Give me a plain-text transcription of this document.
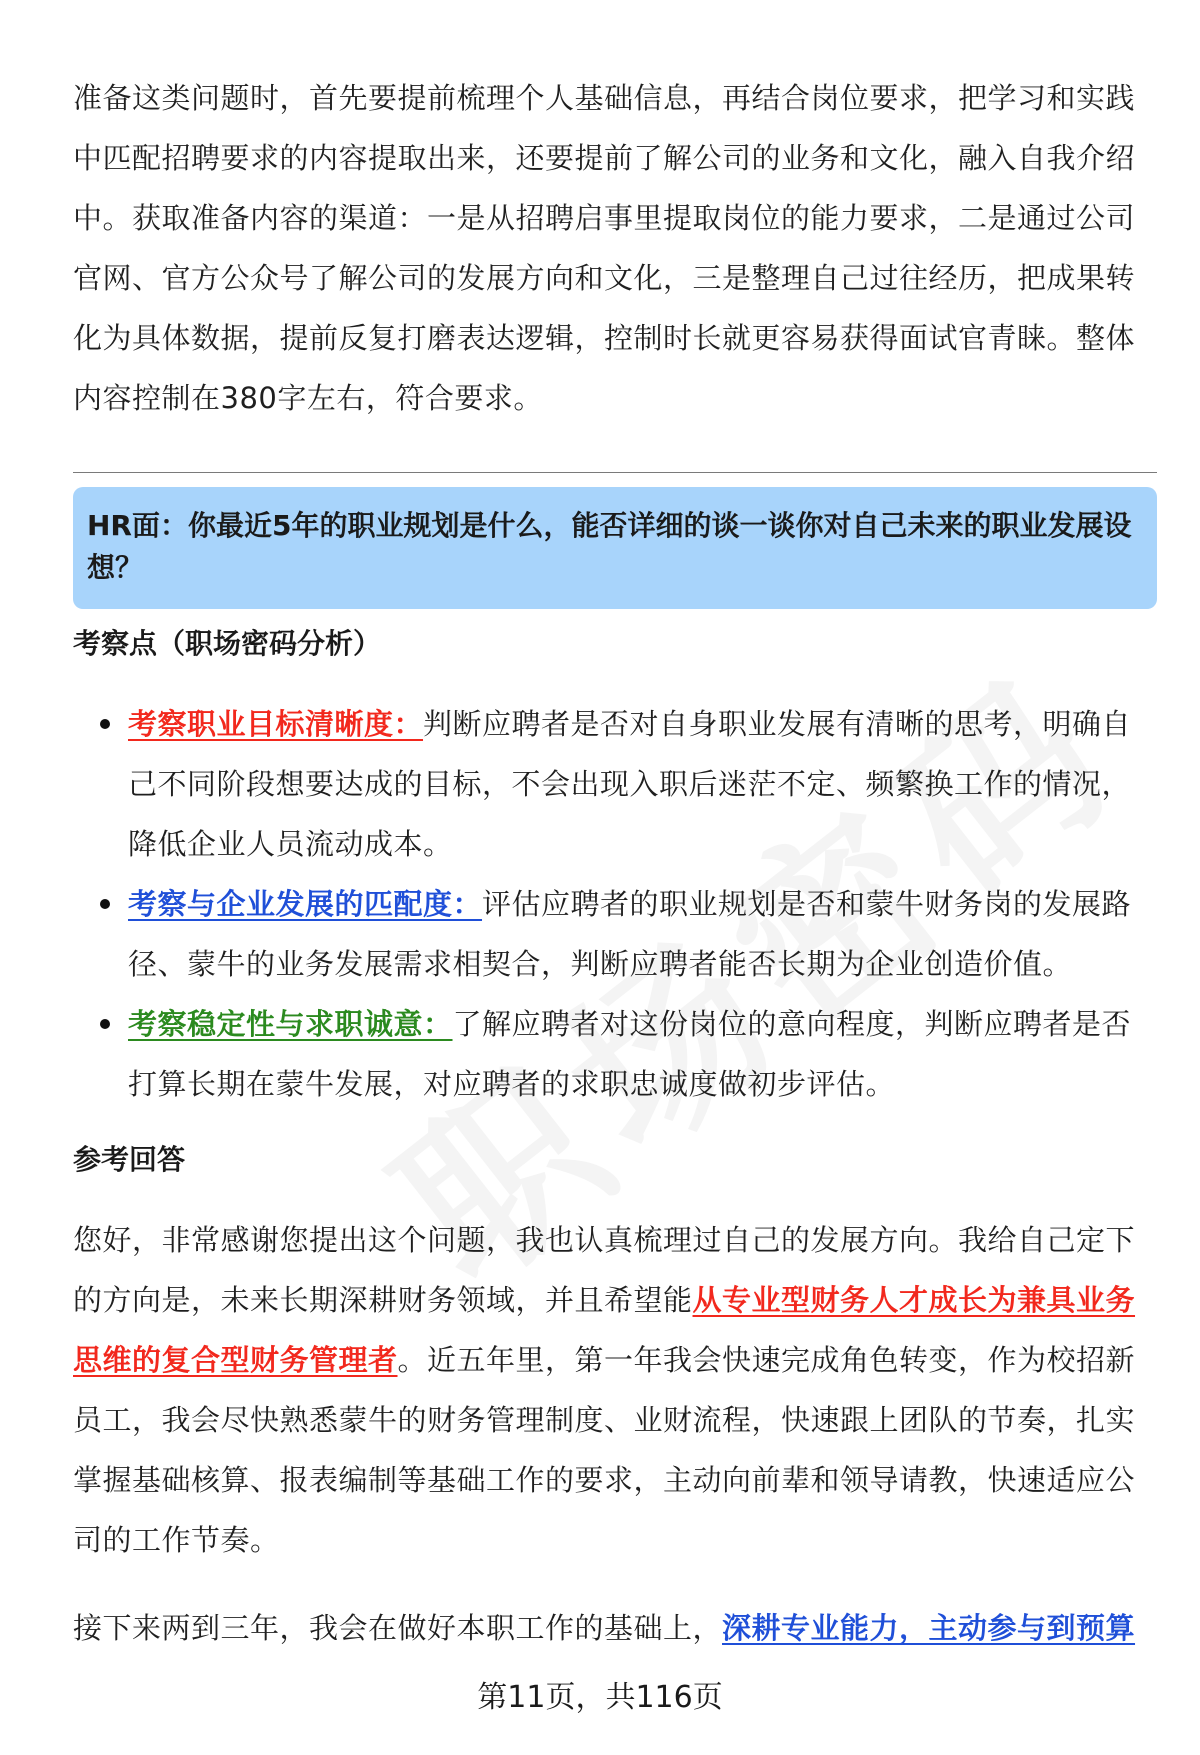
准备这类问题时，首先要提前梳理个人基础信息，再结合岗位要求，把学习和实践中匹配招聘要求的内容提取出来，还要提前了解公司的业务和文化，融入自我介绍中。获取准备内容的渠道：一是从招聘启事里提取岗位的能力要求，二是通过公司官网、官方公众号了解公司的发展方向和文化，三是整理自己过往经历，把成果转化为具体数据，提前反复打磨表达逻辑，控制时长就更容易获得面试官青睐。整体内容控制在380字左右，符合要求。

HR面：你最近5年的职业规划是什么，能否详细的谈一谈你对自己未来的职业发展设想？

考察点（职场密码分析）
考察职业目标清晰度：判断应聘者是否对自身职业发展有清晰的思考，明确自己不同阶段想要达成的目标，不会出现入职后迷茫不定、频繁换工作的情况，降低企业人员流动成本。
考察与企业发展的匹配度：评估应聘者的职业规划是否和蒙牛财务岗的发展路径、蒙牛的业务发展需求相契合，判断应聘者能否长期为企业创造价值。
考察稳定性与求职诚意：了解应聘者对这份岗位的意向程度，判断应聘者是否打算长期在蒙牛发展，对应聘者的求职忠诚度做初步评估。
参考回答

您好，非常感谢您提出这个问题，我也认真梳理过自己的发展方向。我给自己定下的方向是，未来长期深耕财务领域，并且希望能从专业型财务人才成长为兼具业务思维的复合型财务管理者。近五年里，第一年我会快速完成角色转变，作为校招新员工，我会尽快熟悉蒙牛的财务管理制度、业财流程，快速跟上团队的节奏，扎实掌握基础核算、报表编制等基础工作的要求，主动向前辈和领导请教，快速适应公司的工作节奏。

接下来两到三年，我会在做好本职工作的基础上，深耕专业能力，主动参与到预算

第11页，共116页
